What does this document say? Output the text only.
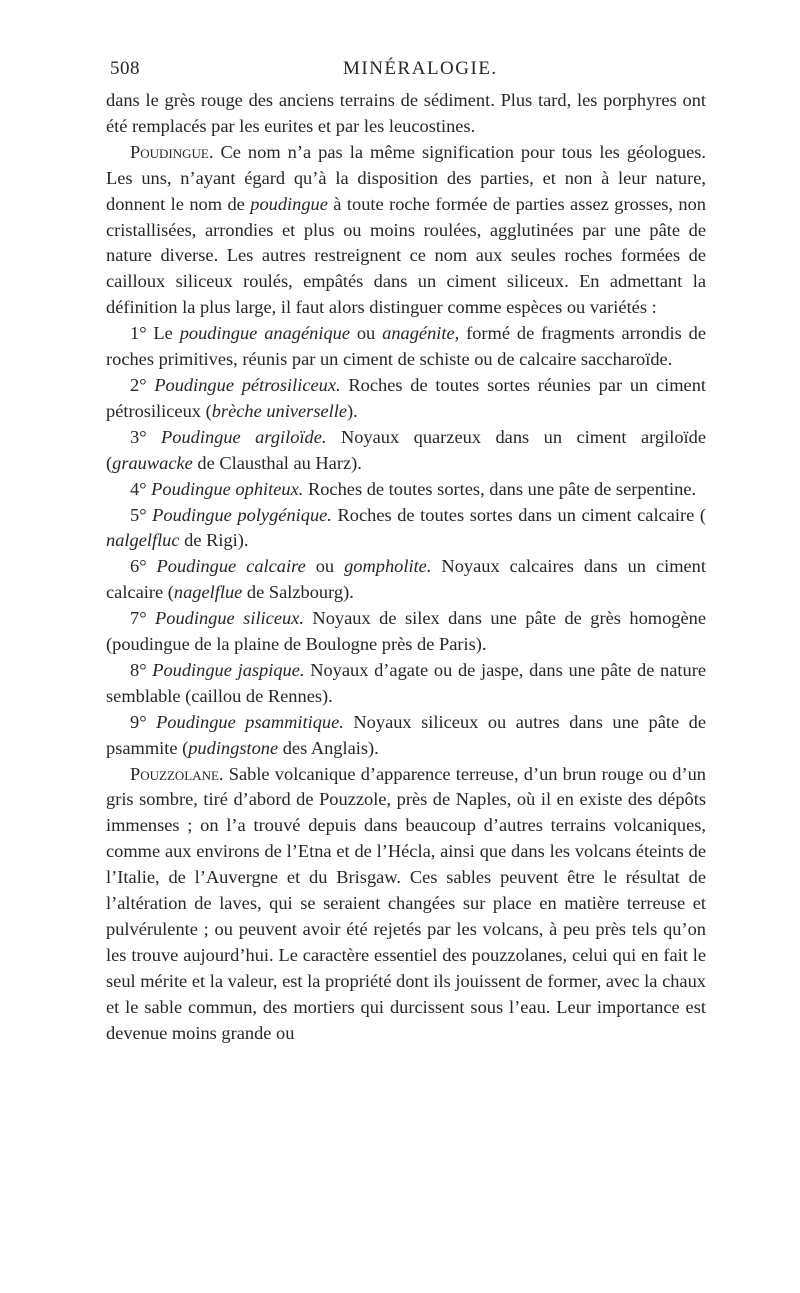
508	MINÉRALOGIE.

dans le grès rouge des anciens terrains de sédiment. Plus tard, les porphyres ont été remplacés par les eurites et par les leucostines.

Poudingue. Ce nom n’a pas la même signification pour tous les géologues. Les uns, n’ayant égard qu’à la disposition des parties, et non à leur nature, donnent le nom de poudingue à toute roche formée de parties assez grosses, non cristallisées, arrondies et plus ou moins roulées, agglutinées par une pâte de nature diverse. Les autres restreignent ce nom aux seules roches formées de cailloux siliceux roulés, empâtés dans un ciment siliceux. En admettant la définition la plus large, il faut alors distinguer comme espèces ou variétés :

1° Le poudingue anagénique ou anagénite, formé de fragments arrondis de roches primitives, réunis par un ciment de schiste ou de calcaire saccharoïde.

2° Poudingue pétrosiliceux. Roches de toutes sortes réunies par un ciment pétrosiliceux (brèche universelle).

3° Poudingue argiloïde. Noyaux quarzeux dans un ciment argiloïde (grauwacke de Clausthal au Harz).

4° Poudingue ophiteux. Roches de toutes sortes, dans une pâte de serpentine.

5° Poudingue polygénique. Roches de toutes sortes dans un ciment calcaire ( nalgelfluc de Rigi).

6° Poudingue calcaire ou gompholite. Noyaux calcaires dans un ciment calcaire (nagelflue de Salzbourg).

7° Poudingue siliceux. Noyaux de silex dans une pâte de grès homogène (poudingue de la plaine de Boulogne près de Paris).

8° Poudingue jaspique. Noyaux d’agate ou de jaspe, dans une pâte de nature semblable (caillou de Rennes).

9° Poudingue psammitique. Noyaux siliceux ou autres dans une pâte de psammite (pudingstone des Anglais).

Pouzzolane. Sable volcanique d’apparence terreuse, d’un brun rouge ou d’un gris sombre, tiré d’abord de Pouzzole, près de Naples, où il en existe des dépôts immenses ; on l’a trouvé depuis dans beaucoup d’autres terrains volcaniques, comme aux environs de l’Etna et de l’Hécla, ainsi que dans les volcans éteints de l’Italie, de l’Auvergne et du Brisgaw. Ces sables peuvent être le résultat de l’altération de laves, qui se seraient changées sur place en matière terreuse et pulvérulente ; ou peuvent avoir été rejetés par les volcans, à peu près tels qu’on les trouve aujourd’hui. Le caractère essentiel des pouzzolanes, celui qui en fait le seul mérite et la valeur, est la propriété dont ils jouissent de former, avec la chaux et le sable commun, des mortiers qui durcissent sous l’eau. Leur importance est devenue moins grande ou
